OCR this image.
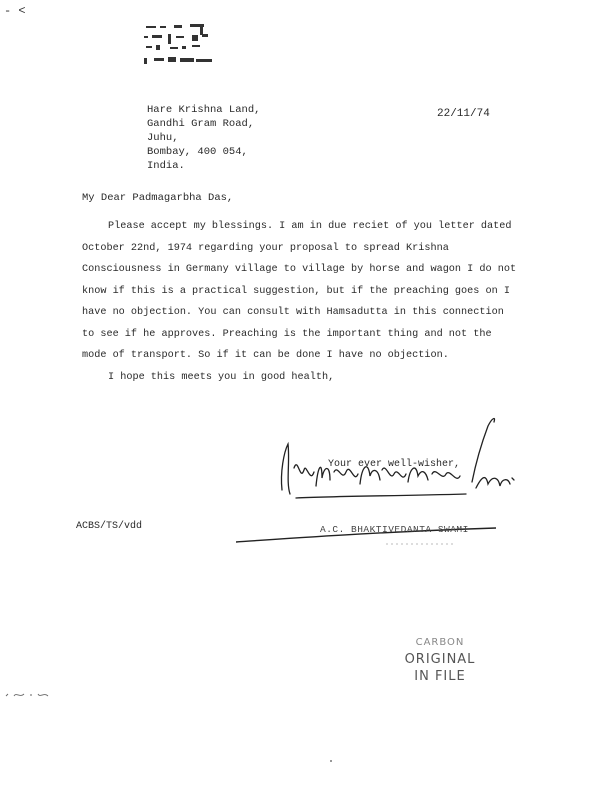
- <
Hare Krishna Land,
Gandhi Gram Road,
Juhu,
Bombay, 400 054,
India.
22/11/74
My Dear Padmagarbha Das,

Please accept my blessings. I am in due reciet of you letter dated October 22nd, 1974 regarding your proposal to spread Krishna Consciousness in Germany village to village by horse and wagon I do not know if this is a practical suggestion, but if the preaching goes on I have no objection. You can consult with Hamsadutta in this connection to see if he approves. Preaching is the important thing and not the mode of transport. So if it can be done I have no objection.

I hope this meets you in good health,

Your ever well-wisher,
ACBS/TS/vdd	A.C. BHAKTIVEDANTA SWAMI
CARBON
ORIGINAL
IN FILE
